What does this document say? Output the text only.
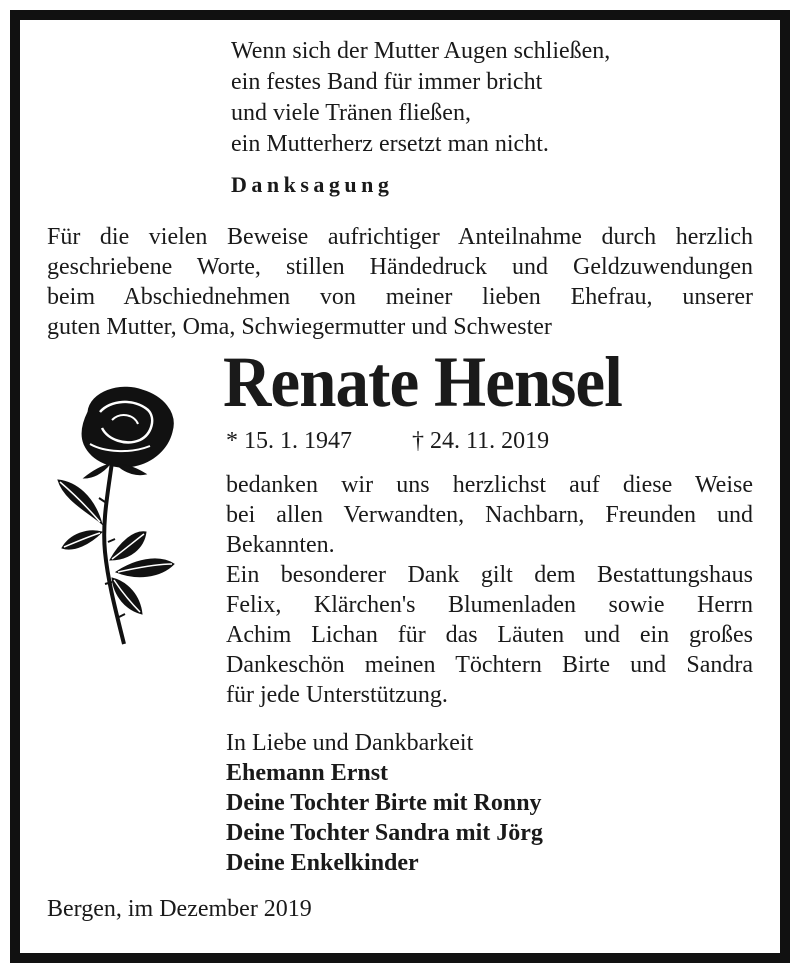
Wenn sich der Mutter Augen schließen,
ein festes Band für immer bricht
und viele Tränen fließen,
ein Mutterherz ersetzt man nicht.
Danksagung
Für die vielen Beweise aufrichtiger Anteilnahme durch herzlich
geschriebene Worte, stillen Händedruck und Geldzuwendungen
beim Abschiednehmen von meiner lieben Ehefrau, unserer
guten Mutter, Oma, Schwiegermutter und Schwester
Renate Hensel
* 15. 1. 1947	† 24. 11. 2019
bedanken wir uns herzlichst auf diese Weise
bei allen Verwandten, Nachbarn, Freunden und
Bekannten.
Ein besonderer Dank gilt dem Bestattungshaus
Felix, Klärchen's Blumenladen sowie Herrn
Achim Lichan für das Läuten und ein großes
Dankeschön meinen Töchtern Birte und Sandra
für jede Unterstützung.
In Liebe und Dankbarkeit
Ehemann Ernst
Deine Tochter Birte mit Ronny
Deine Tochter Sandra mit Jörg
Deine Enkelkinder
Bergen, im Dezember 2019
